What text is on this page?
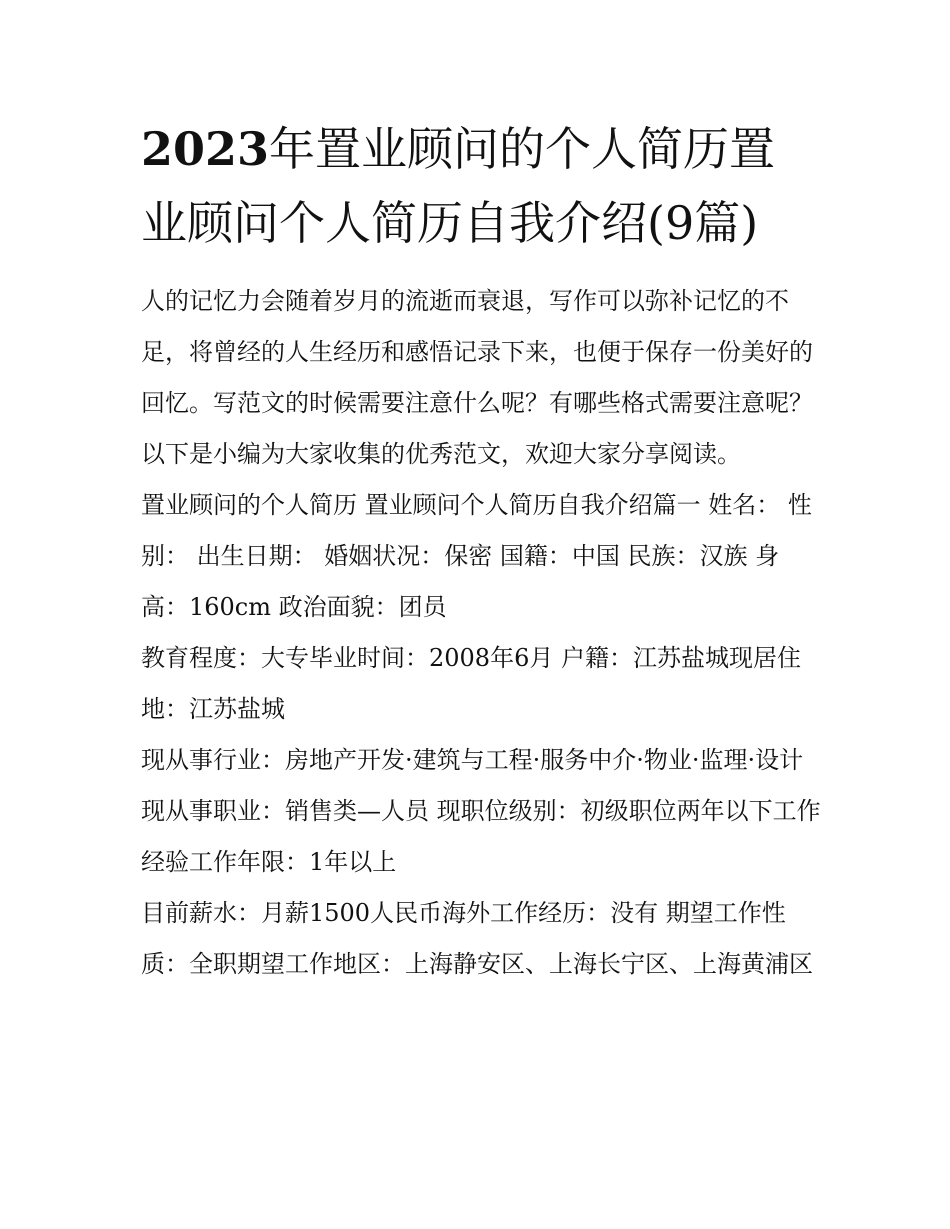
2023年置业顾问的个人简历置业顾问个人简历自我介绍(9篇)

人的记忆力会随着岁月的流逝而衰退，写作可以弥补记忆的不足，将曾经的人生经历和感悟记录下来，也便于保存一份美好的回忆。写范文的时候需要注意什么呢？有哪些格式需要注意呢？以下是小编为大家收集的优秀范文，欢迎大家分享阅读。

置业顾问的个人简历 置业顾问个人简历自我介绍篇一 姓名： 性别： 出生日期： 婚姻状况：保密 国籍：中国 民族：汉族 身高：160cm 政治面貌：团员

教育程度：大专毕业时间：2008年6月 户籍：江苏盐城现居住地：江苏盐城

现从事行业：房地产开发·建筑与工程·服务中介·物业·监理·设计

现从事职业：销售类—人员 现职位级别：初级职位两年以下工作经验工作年限：1年以上

目前薪水：月薪1500人民币海外工作经历：没有 期望工作性质：全职期望工作地区：上海静安区、上海长宁区、上海黄浦区
